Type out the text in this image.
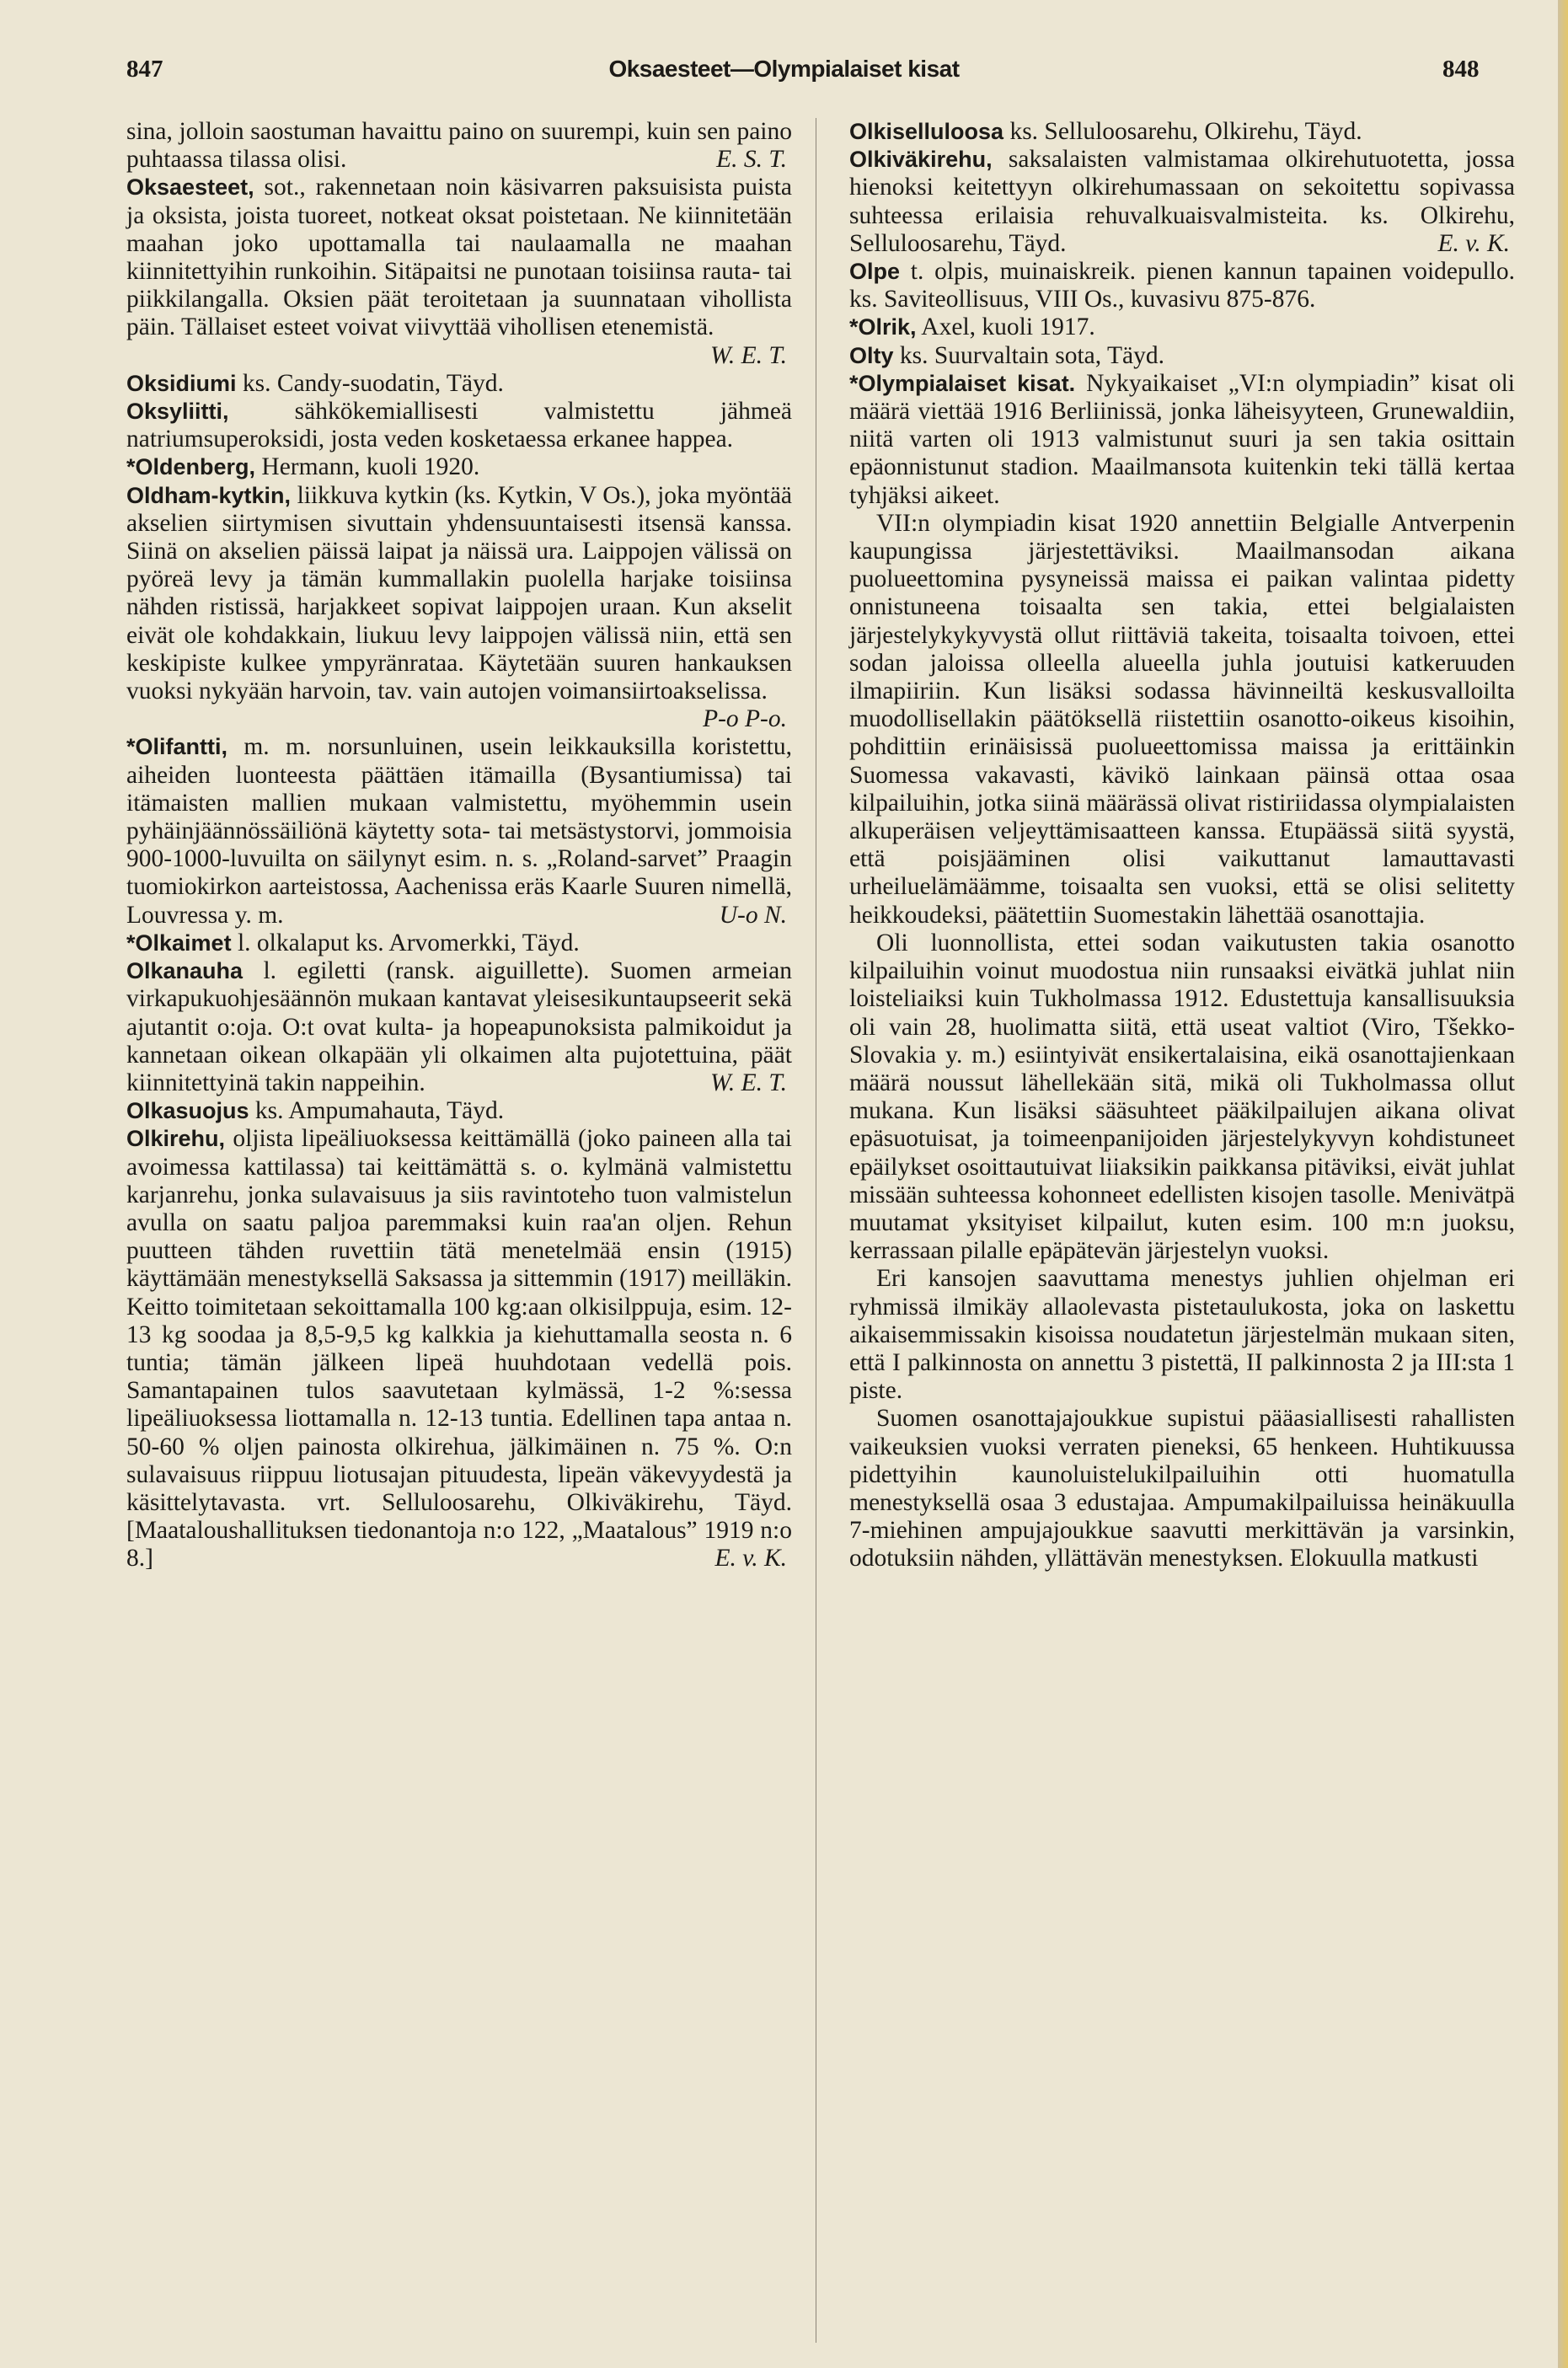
847	Oksaesteet—Olympialaiset kisat	848

sina, jolloin saostuman havaittu paino on suurempi, kuin sen paino puhtaassa tilassa olisi.	E. S. T.

Oksaesteet, sot., rakennetaan noin käsivarren paksuisista puista ja oksista, joista tuoreet, notkeat oksat poistetaan. Ne kiinnitetään maahan joko upottamalla tai naulaamalla ne maahan kiinnitettyihin runkoihin. Sitäpaitsi ne punotaan toisiinsa rauta- tai piikkilangalla. Oksien päät teroitetaan ja suunnataan vihollista päin. Tällaiset esteet voivat viivyttää vihollisen etenemistä.
W. E. T.

Oksidiumi ks. Candy-suodatin, Täyd.

Oksyliitti,	sähkökemiallisesti valmistettu jähmeä natriumsuperoksidi, josta veden kosketaessa erkanee happea.

*Oldenberg, Hermann, kuoli 1920.

Oldham-kytkin, liikkuva kytkin (ks. Kytkin, V Os.), joka myöntää akselien siirtymisen sivuttain yhdensuuntaisesti itsensä kanssa. Siinä on akselien päissä laipat ja näissä ura. Laippojen välissä on pyöreä levy ja tämän kummallakin puolella harjake toisiinsa nähden ristissä, harjakkeet sopivat laippojen uraan. Kun akselit eivät ole kohdakkain, liukuu levy laippojen välissä niin, että sen keskipiste kulkee ympyränrataa. Käytetään suuren hankauksen vuoksi nykyään harvoin, tav. vain autojen voimansiirtoakselissa.
P-o P-o.

*Olifantti, m. m. norsunluinen, usein leikkauksilla koristettu, aiheiden luonteesta päättäen itämailla (Bysantiumissa) tai itämaisten mallien mukaan valmistettu, myöhemmin usein pyhäinjäännössäiliönä käytetty sota- tai metsästystorvi, jommoisia 900-1000-luvuilta on säilynyt esim. n. s. „Roland-sarvet” Praagin tuomiokirkon aarteistossa, Aachenissa eräs Kaarle Suuren nimellä, Louvressa y. m.	U-o N.

*Olkaimet l. olkalaput ks. Arvomerkki, Täyd.

Olkanauha l. egiletti (ransk. aiguillette). Suomen armeian virkapukuohjesäännön mukaan kantavat yleisesikuntaupseerit sekä ajutantit o:oja. O:t ovat kulta- ja hopeapunoksista palmikoidut ja kannetaan oikean olkapään yli olkaimen alta pujotettuina, päät kiinnitettyinä takin nappeihin.	W. E. T.

Olkasuojus ks. Ampumahauta, Täyd.

Olkirehu, oljista lipeäliuoksessa keittämällä (joko paineen alla tai avoimessa kattilassa) tai keittämättä s. o. kylmänä valmistettu karjanrehu, jonka sulavaisuus ja siis ravintoteho tuon valmistelun avulla on saatu paljoa paremmaksi kuin raa'an oljen. Rehun puutteen tähden ruvettiin tätä menetelmää ensin (1915) käyttämään menestyksellä Saksassa ja sittemmin (1917) meilläkin. Keitto toimitetaan sekoittamalla 100 kg:aan olkisilppuja, esim. 12-13 kg soodaa ja 8,5-9,5 kg kalkkia ja kiehuttamalla seosta n. 6 tuntia; tämän jälkeen lipeä huuhdotaan vedellä pois. Samantapainen tulos saavutetaan kylmässä, 1-2 %:sessa lipeäliuoksessa liottamalla n. 12-13 tuntia. Edellinen tapa antaa n. 50-60 % oljen painosta olkirehua, jälkimäinen n. 75 %. O:n sulavaisuus riippuu liotusajan pituudesta, lipeän väkevyydestä ja käsittelytavasta. vrt. Selluloosarehu, Olkiväkirehu, Täyd. [Maataloushallituksen tiedonantoja n:o 122, „Maatalous” 1919 n:o 8.]	E. v. K.

Olkiselluloosa ks. Selluloosarehu, Olkirehu, Täyd.

Olkiväkirehu, saksalaisten valmistamaa olkirehutuotetta, jossa hienoksi keitettyyn olkirehumassaan on sekoitettu sopivassa suhteessa erilaisia rehuvalkuaisvalmisteita. ks. Olkirehu, Selluloosarehu, Täyd.	E. v. K.

Olpe t. olpis, muinaiskreik. pienen kannun tapainen voidepullo. ks. Saviteollisuus, VIII Os., kuvasivu 875-876.

*Olrik, Axel, kuoli 1917.

Olty ks. Suurvaltain sota, Täyd.

*Olympialaiset kisat. Nykyaikaiset „VI:n olympiadin” kisat oli määrä viettää 1916 Berliinissä, jonka läheisyyteen, Grunewaldiin, niitä varten oli 1913 valmistunut suuri ja sen takia osittain epäonnistunut stadion. Maailmansota kuitenkin teki tällä kertaa tyhjäksi aikeet.

VII:n olympiadin kisat 1920 annettiin Belgialle Antverpenin kaupungissa järjestettäviksi. Maailmansodan aikana puolueettomina pysyneissä maissa ei paikan valintaa pidetty onnistuneena toisaalta sen takia, ettei belgialaisten järjestelykykyvystä ollut riittäviä takeita, toisaalta toivoen, ettei sodan jaloissa olleella alueella juhla joutuisi katkeruuden ilmapiiriin. Kun lisäksi sodassa hävinneiltä keskusvalloilta muodollisellakin päätöksellä riistettiin osanotto-oikeus kisoihin, pohdittiin erinäisissä puolueettomissa maissa ja erittäinkin Suomessa vakavasti, kävikö lainkaan päinsä ottaa osaa kilpailuihin, jotka siinä määrässä olivat ristiriidassa olympialaisten alkuperäisen veljeyttämisaatteen kanssa. Etupäässä siitä syystä, että poisjääminen olisi vaikuttanut lamauttavasti urheiluelämäämme, toisaalta sen vuoksi, että se olisi selitetty heikkoudeksi, päätettiin Suomestakin lähettää osanottajia.

Oli luonnollista, ettei sodan vaikutusten takia osanotto kilpailuihin voinut muodostua niin runsaaksi eivätkä juhlat niin loisteliaiksi kuin Tukholmassa 1912. Edustettuja kansallisuuksia oli vain 28, huolimatta siitä, että useat valtiot (Viro, Tšekko-Slovakia y. m.) esiintyivät ensikertalaisina, eikä osanottajienkaan määrä noussut lähellekään sitä, mikä oli Tukholmassa ollut mukana. Kun lisäksi sääsuhteet pääkilpailujen aikana olivat epäsuotuisat, ja toimeenpanijoiden järjestelykyvyn kohdistuneet epäilykset osoittautuivat liiaksikin paikkansa pitäviksi, eivät juhlat missään suhteessa kohonneet edellisten kisojen tasolle. Menivätpä muutamat yksityiset kilpailut, kuten esim. 100 m:n juoksu, kerrassaan pilalle epäpätevän järjestelyn vuoksi.

Eri kansojen saavuttama menestys juhlien ohjelman eri ryhmissä ilmikäy allaolevasta pistetaulukosta, joka on laskettu aikaisemmissakin kisoissa noudatetun järjestelmän mukaan siten, että I palkinnosta on annettu 3 pistettä, II palkinnosta 2 ja III:sta 1 piste.

Suomen osanottajajoukkue supistui pääasiallisesti rahallisten vaikeuksien vuoksi verraten pieneksi, 65 henkeen. Huhtikuussa pidettyihin kaunoluistelukilpailuihin otti huomatulla menestyksellä osaa 3 edustajaa. Ampumakilpailuissa heinäkuulla 7-miehinen ampujajoukkue saavutti merkittävän ja varsinkin, odotuksiin nähden, yllättävän menestyksen. Elokuulla matkusti
